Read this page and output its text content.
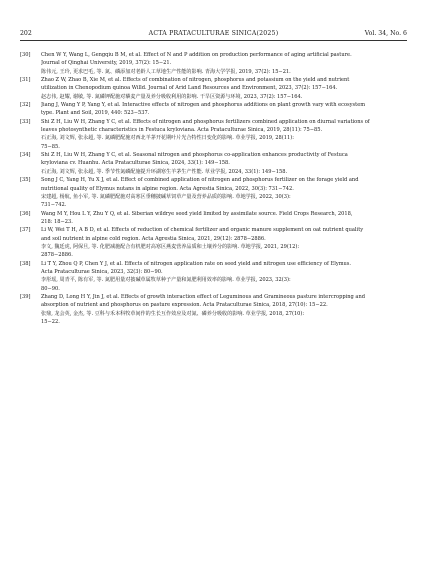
202	ACTA PRATACULTURAE SINICA(2025)	Vol. 34, No. 6
[30]	Chen W Y, Wang L, Gengqiu B M, et al. Effect of N and P addition on production performance of aging artificial pasture.
Journal of Qinghai University, 2019, 37(2): 15−21.
陈伟元, 王玲, 更求巴毛, 等. 氮、磷添加对老龄人工草地生产性能的影响. 青海大学学报, 2019, 37(2): 15−21.
[31]	Zhao Z W, Zhao B, Xie M, et al. Effects of combination of nitrogen, phosphorus and potassium on the yield and nutrient
utilization in Chenopodium quinoa Willd. Journal of Arid Land Resources and Environment, 2023, 37(2): 157−164.
赵志伟, 赵耀, 谢敏, 等. 氮磷钾配施对藜麦产量及养分吸收利用的影响. 干旱区资源与环境, 2023, 37(2): 157−164.
[32]	Jiang J, Wang Y P, Yang Y, et al. Interactive effects of nitrogen and phosphorus additions on plant growth vary with ecosystem
type. Plant and Soil, 2019, 440: 523−537.
[33]	Shi Z H, Liu W H, Zhang Y C, et al. Effects of nitrogen and phosphorus fertilizers combined application on diurnal variations of
leaves photosynthetic characteristics in Festuca kryloviana. Acta Prataculturae Sinica, 2019, 28(11): 75−85.
石正海, 刘文辉, 张永超, 等. 氮磷肥配施对西北羊茅开花期叶片光合特性日变化的影响. 草业学报, 2019, 28(11):
75−85.
[34]	Shi Z H, Liu W H, Zhang Y C, et al. Seasonal nitrogen and phosphorus co-application enhances productivity of Festuca
kryloviana cv. Huanhu. Acta Prataculturae Sinica, 2024, 33(1): 149−158.
石正海, 刘文辉, 张永超, 等. 季节性氮磷配施提升环湖寒生羊茅生产性能. 草业学报, 2024, 33(1): 149−158.
[35]	Song J C, Yang H, Yu X J, et al. Effect of combined application of nitrogen and phosphorus fertilizer on the forage yield and
nutritional quality of Elymus nutans in alpine region. Acta Agrestia Sinica, 2022, 30(3): 731−742.
宋建超, 杨航, 鱼小军, 等. 氮磷肥配施对高寒区垂穗披碱草饲草产量及营养品质的影响. 草地学报, 2022, 30(3):
731−742.
[36]	Wang M Y, Hou L Y, Zhu Y Q, et al. Siberian wildrye seed yield limited by assimilate source. Field Crops Research, 2018,
218: 18−23.
[37]	Li W, Wei T H, A B D, et al. Effects of reduction of chemical fertilizer and organic manure supplement on oat nutrient quality
and soil nutrient in alpine cold region. Acta Agrestia Sinica, 2021, 29(12): 2878−2886.
李文, 魏廷虎, 阿保旦, 等. 化肥减施配合有机肥对高寒区燕麦营养品质和土壤养分的影响. 草地学报, 2021, 29(12):
2878−2886.
[38]	Li T Y, Zhou Q P, Chen Y J, et al. Effects of nitrogen application rate on seed yield and nitrogen use efficiency of Elymus.
Acta Prataculturae Sinica, 2023, 32(3): 80−90.
李彤瑶, 周青平, 陈有军, 等. 氮肥用量对披碱草属牧草种子产量和氮肥利用效率的影响. 草业学报, 2023, 32(3):
80−90.
[39]	Zhang D, Long H Y, Jin J, et al. Effects of growth interaction effect of Leguminous and Gramineous pasture intercropping and
absorption of nutrient and phosphorus on pasture expression. Acta Prataculturae Sinica, 2018, 27(10): 15−22.
张鼎, 龙会英, 金杰, 等. 豆科与禾本科牧草间作的生长互作效应及对氮、磷养分吸收的影响. 草业学报, 2018, 27(10):
15−22.
